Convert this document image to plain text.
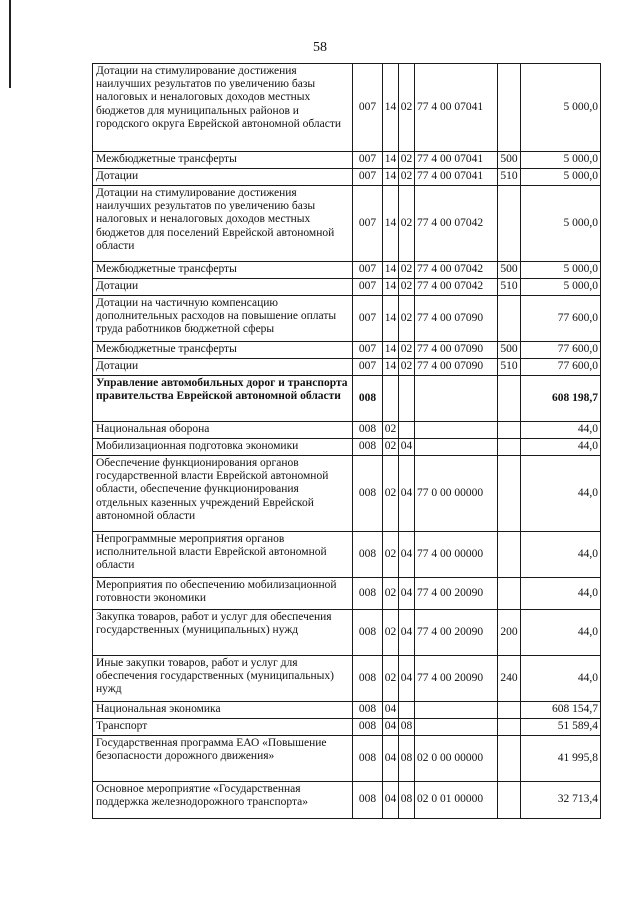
58
Дотации на стимулирование достижения наилучших результатов по увеличению базы налоговых и неналоговых доходов местных бюджетов для муниципальных районов и городского округа Еврейской автономной области	007	14	02	77 4 00 07041		5 000,0
Межбюджетные трансферты	007	14	02	77 4 00 07041	500	5 000,0
Дотации	007	14	02	77 4 00 07041	510	5 000,0
Дотации на стимулирование достижения наилучших результатов по увеличению базы налоговых и неналоговых доходов местных бюджетов для поселений Еврейской автономной области	007	14	02	77 4 00 07042		5 000,0
Межбюджетные трансферты	007	14	02	77 4 00 07042	500	5 000,0
Дотации	007	14	02	77 4 00 07042	510	5 000,0
Дотации на частичную компенсацию дополнительных расходов на повышение оплаты труда работников бюджетной сферы	007	14	02	77 4 00 07090		77 600,0
Межбюджетные трансферты	007	14	02	77 4 00 07090	500	77 600,0
Дотации	007	14	02	77 4 00 07090	510	77 600,0
Управление автомобильных дорог и транспорта правительства Еврейской автономной области	008					608 198,7
Национальная оборона	008	02				44,0
Мобилизационная подготовка экономики	008	02	04			44,0
Обеспечение функционирования органов государственной власти Еврейской автономной области, обеспечение функционирования отдельных казенных учреждений Еврейской автономной области	008	02	04	77 0 00 00000		44,0
Непрограммные мероприятия органов исполнительной власти Еврейской автономной области	008	02	04	77 4 00 00000		44,0
Мероприятия по обеспечению мобилизационной готовности экономики	008	02	04	77 4 00 20090		44,0
Закупка товаров, работ и услуг для обеспечения государственных (муниципальных) нужд	008	02	04	77 4 00 20090	200	44,0
Иные закупки товаров, работ и услуг для обеспечения государственных (муниципальных) нужд	008	02	04	77 4 00 20090	240	44,0
Национальная экономика	008	04				608 154,7
Транспорт	008	04	08			51 589,4
Государственная программа ЕАО «Повышение безопасности дорожного движения»	008	04	08	02 0 00 00000		41 995,8
Основное мероприятие «Государственная поддержка железнодорожного транспорта»	008	04	08	02 0 01 00000		32 713,4
